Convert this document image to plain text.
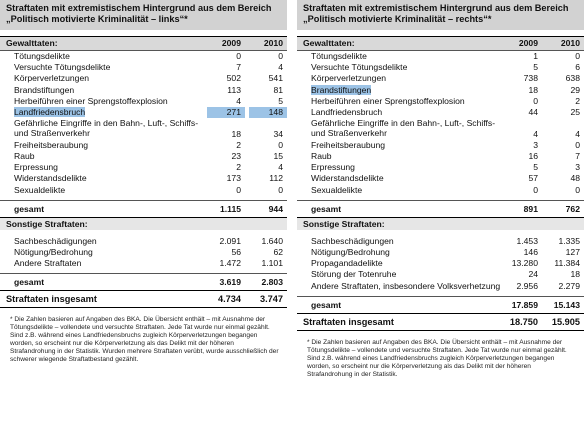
Straftaten mit extremistischem Hintergrund aus dem Bereich
„Politisch motivierte Kriminalität – links“*
Gewalttaten:	2009	2010
Tötungsdelikte	0	0
Versuchte Tötungsdelikte	7	4
Körperverletzungen	502	541
Brandstiftungen	113	81
Herbeiführen einer Sprengstoffexplosion	4	5
Landfriedensbruch	271	148
Gefährliche Eingriffe in den Bahn-, Luft-, Schiffs- und Straßenverkehr	18	34
Freiheitsberaubung	2	0
Raub	23	15
Erpressung	2	4
Widerstandsdelikte	173	112
Sexualdelikte	0	0
gesamt	1.115	944
Sonstige Straftaten:
Sachbeschädigungen	2.091	1.640
Nötigung/Bedrohung	56	62
Andere Straftaten	1.472	1.101
gesamt	3.619	2.803
Straftaten insgesamt	4.734	3.747
* Die Zahlen basieren auf Angaben des BKA. Die Übersicht enthält – mit Ausnahme der Tötungsdelikte – vollendete und versuchte Straftaten. Jede Tat wurde nur einmal gezählt. Sind z.B. während eines Landfriedensbruchs zugleich Körperverletzungen begangen worden, so erscheint nur die Körperverletzung als das Delikt mit der höheren Strafandrohung in der Statistik. Wurden mehrere Straftaten verübt, wurde ausschließlich der schwerer wiegende Straftatbestand gezählt.
Straftaten mit extremistischem Hintergrund aus dem Bereich
„Politisch motivierte Kriminalität – rechts“*
Gewalttaten:	2009	2010
Tötungsdelikte	1	0
Versuchte Tötungsdelikte	5	6
Körperverletzungen	738	638
Brandstiftungen	18	29
Herbeiführen einer Sprengstoffexplosion	0	2
Landfriedensbruch	44	25
Gefährliche Eingriffe in den Bahn-, Luft-, Schiffs- und Straßenverkehr	4	4
Freiheitsberaubung	3	0
Raub	16	7
Erpressung	5	3
Widerstandsdelikte	57	48
Sexualdelikte	0	0
gesamt	891	762
Sonstige Straftaten:
Sachbeschädigungen	1.453	1.335
Nötigung/Bedrohung	146	127
Propagandadelikte	13.280	11.384
Störung der Totenruhe	24	18
Andere Straftaten, insbesondere Volksverhetzung	2.956	2.279
gesamt	17.859	15.143
Straftaten insgesamt	18.750	15.905
* Die Zahlen basieren auf Angaben des BKA. Die Übersicht enthält – mit Ausnahme der Tötungsdelikte – vollendete und versuchte Straftaten. Jede Tat wurde nur einmal gezählt. Sind z.B. während eines Landfriedensbruchs zugleich Körperverletzungen begangen worden, so erscheint nur die Körperverletzung als das Delikt mit der höheren Strafandrohung in der Statistik.
